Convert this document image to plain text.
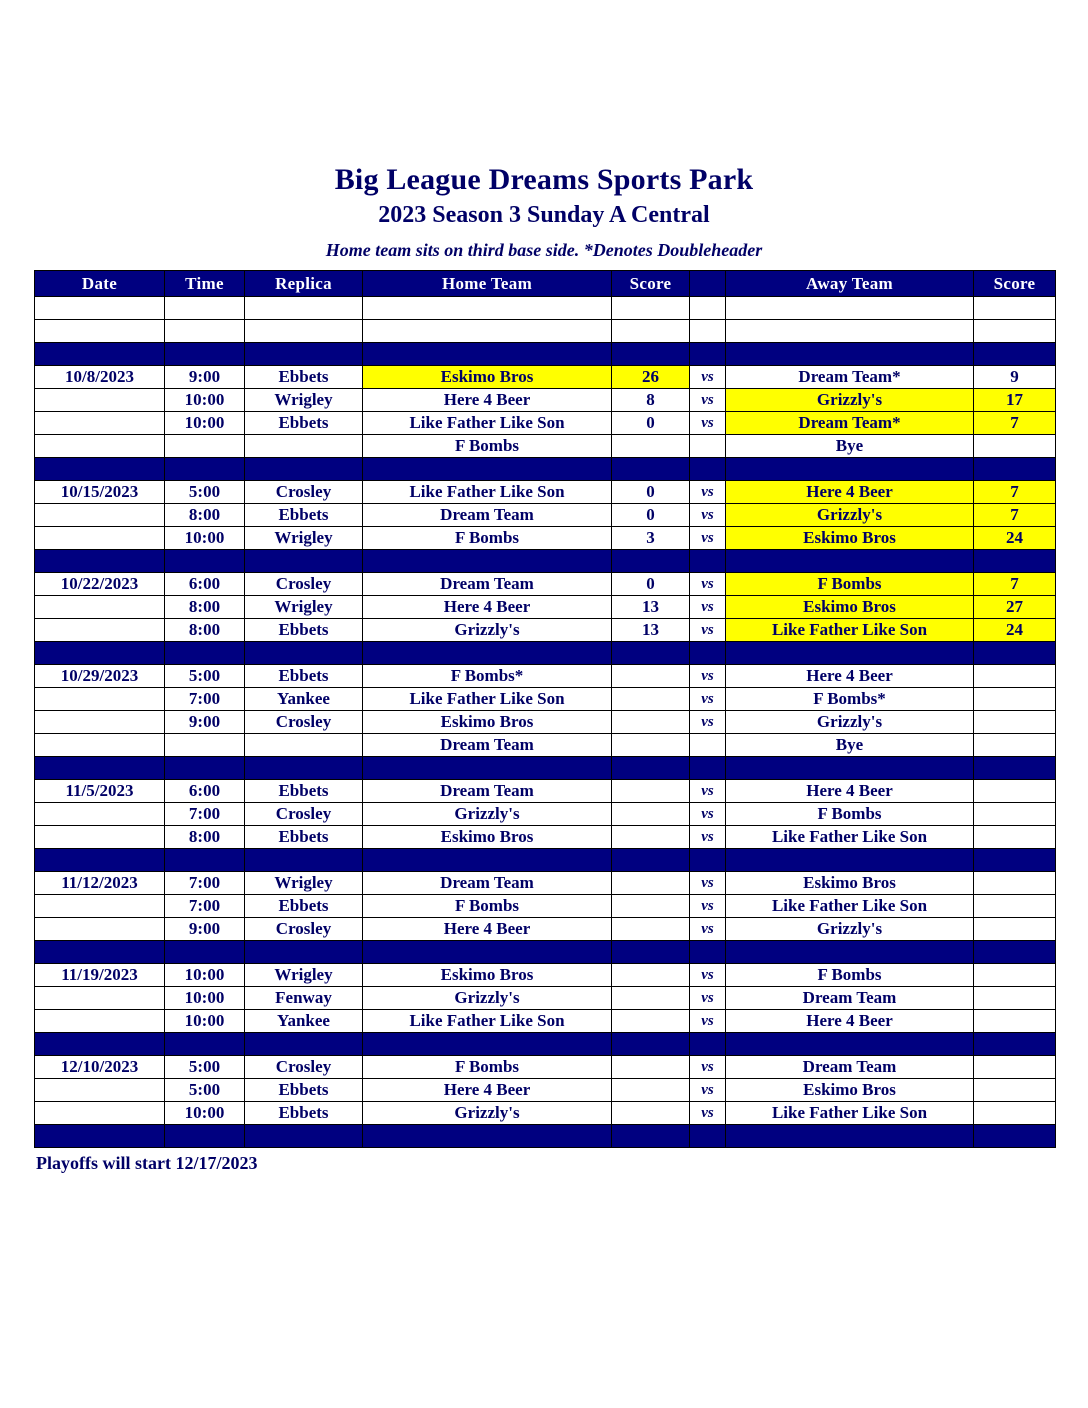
Big League Dreams Sports Park
2023 Season 3 Sunday A Central
Home team sits on third base side. *Denotes Doubleheader
Date	Time	Replica	Home Team	Score		Away Team	Score

10/8/2023	9:00	Ebbets	Eskimo Bros	26	vs	Dream Team*	9
	10:00	Wrigley	Here 4 Beer	8	vs	Grizzly's	17
	10:00	Ebbets	Like Father Like Son	0	vs	Dream Team*	7
			F Bombs			Bye	

10/15/2023	5:00	Crosley	Like Father Like Son	0	vs	Here 4 Beer	7
	8:00	Ebbets	Dream Team	0	vs	Grizzly's	7
	10:00	Wrigley	F Bombs	3	vs	Eskimo Bros	24

10/22/2023	6:00	Crosley	Dream Team	0	vs	F Bombs	7
	8:00	Wrigley	Here 4 Beer	13	vs	Eskimo Bros	27
	8:00	Ebbets	Grizzly's	13	vs	Like Father Like Son	24

10/29/2023	5:00	Ebbets	F Bombs*		vs	Here 4 Beer	
	7:00	Yankee	Like Father Like Son		vs	F Bombs*	
	9:00	Crosley	Eskimo Bros		vs	Grizzly's	
			Dream Team			Bye	

11/5/2023	6:00	Ebbets	Dream Team		vs	Here 4 Beer	
	7:00	Crosley	Grizzly's		vs	F Bombs	
	8:00	Ebbets	Eskimo Bros		vs	Like Father Like Son	

11/12/2023	7:00	Wrigley	Dream Team		vs	Eskimo Bros	
	7:00	Ebbets	F Bombs		vs	Like Father Like Son	
	9:00	Crosley	Here 4 Beer		vs	Grizzly's	

11/19/2023	10:00	Wrigley	Eskimo Bros		vs	F Bombs	
	10:00	Fenway	Grizzly's		vs	Dream Team	
	10:00	Yankee	Like Father Like Son		vs	Here 4 Beer	

12/10/2023	5:00	Crosley	F Bombs		vs	Dream Team	
	5:00	Ebbets	Here 4 Beer		vs	Eskimo Bros	
	10:00	Ebbets	Grizzly's		vs	Like Father Like Son	

Playoffs will start 12/17/2023
